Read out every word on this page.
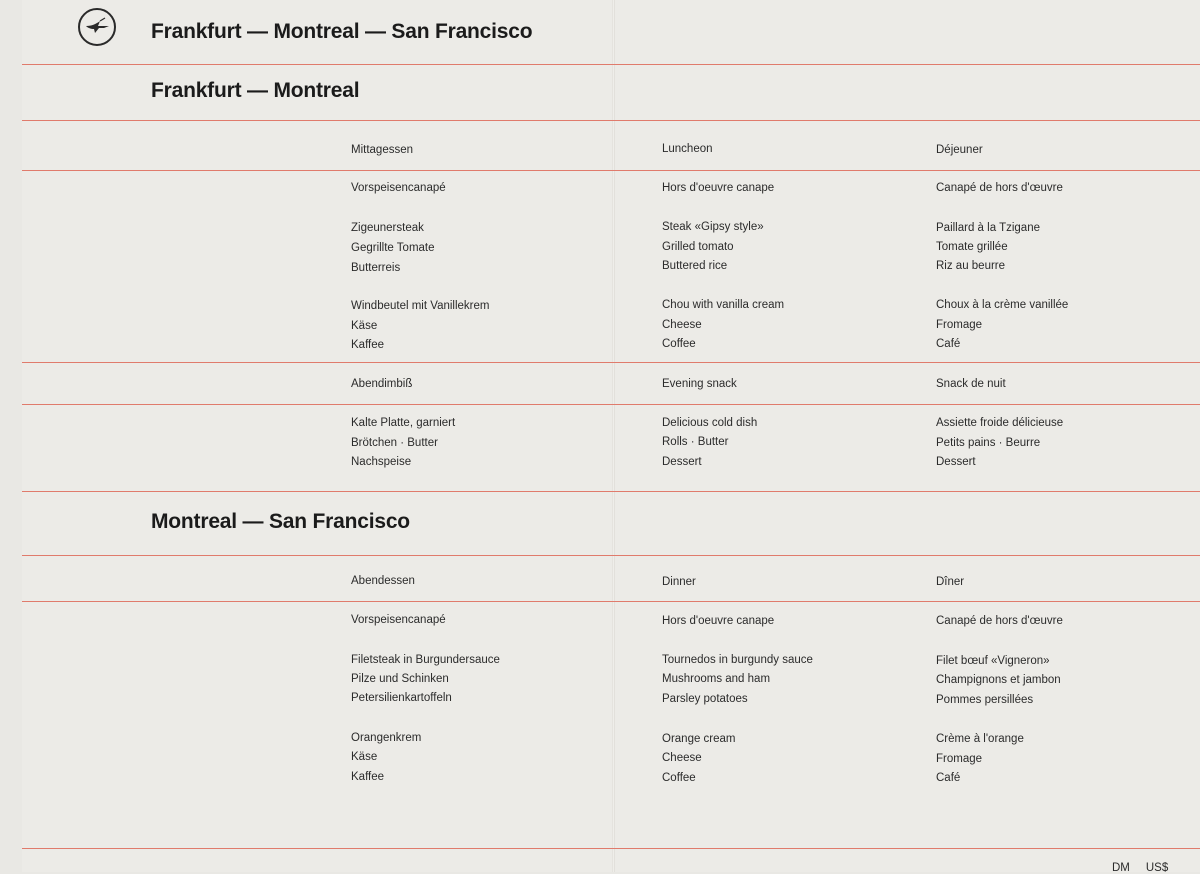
Frankfurt — Montreal — San Francisco
Frankfurt — Montreal
Mittagessen	Luncheon	Déjeuner
Vorspeisencanapé	Hors d'oeuvre canape	Canapé de hors d'œuvre
Zigeunersteak	Steak «Gipsy style»	Paillard à la Tzigane
Gegrillte Tomate	Grilled tomato	Tomate grillée
Butterreis	Buttered rice	Riz au beurre
Windbeutel mit Vanillekrem	Chou with vanilla cream	Choux à la crème vanillée
Käse	Cheese	Fromage
Kaffee	Coffee	Café
Abendimbiß	Evening snack	Snack de nuit
Kalte Platte, garniert	Delicious cold dish	Assiette froide délicieuse
Brötchen · Butter	Rolls · Butter	Petits pains · Beurre
Nachspeise	Dessert	Dessert
Montreal — San Francisco
Abendessen	Dinner	Dîner
Vorspeisencanapé	Hors d'oeuvre canape	Canapé de hors d'œuvre
Filetsteak in Burgundersauce	Tournedos in burgundy sauce	Filet bœuf «Vigneron»
Pilze und Schinken	Mushrooms and ham	Champignons et jambon
Petersilienkartoffeln	Parsley potatoes	Pommes persillées
Orangenkrem	Orange cream	Crème à l'orange
Käse	Cheese	Fromage
Kaffee	Coffee	Café
DM     US$
